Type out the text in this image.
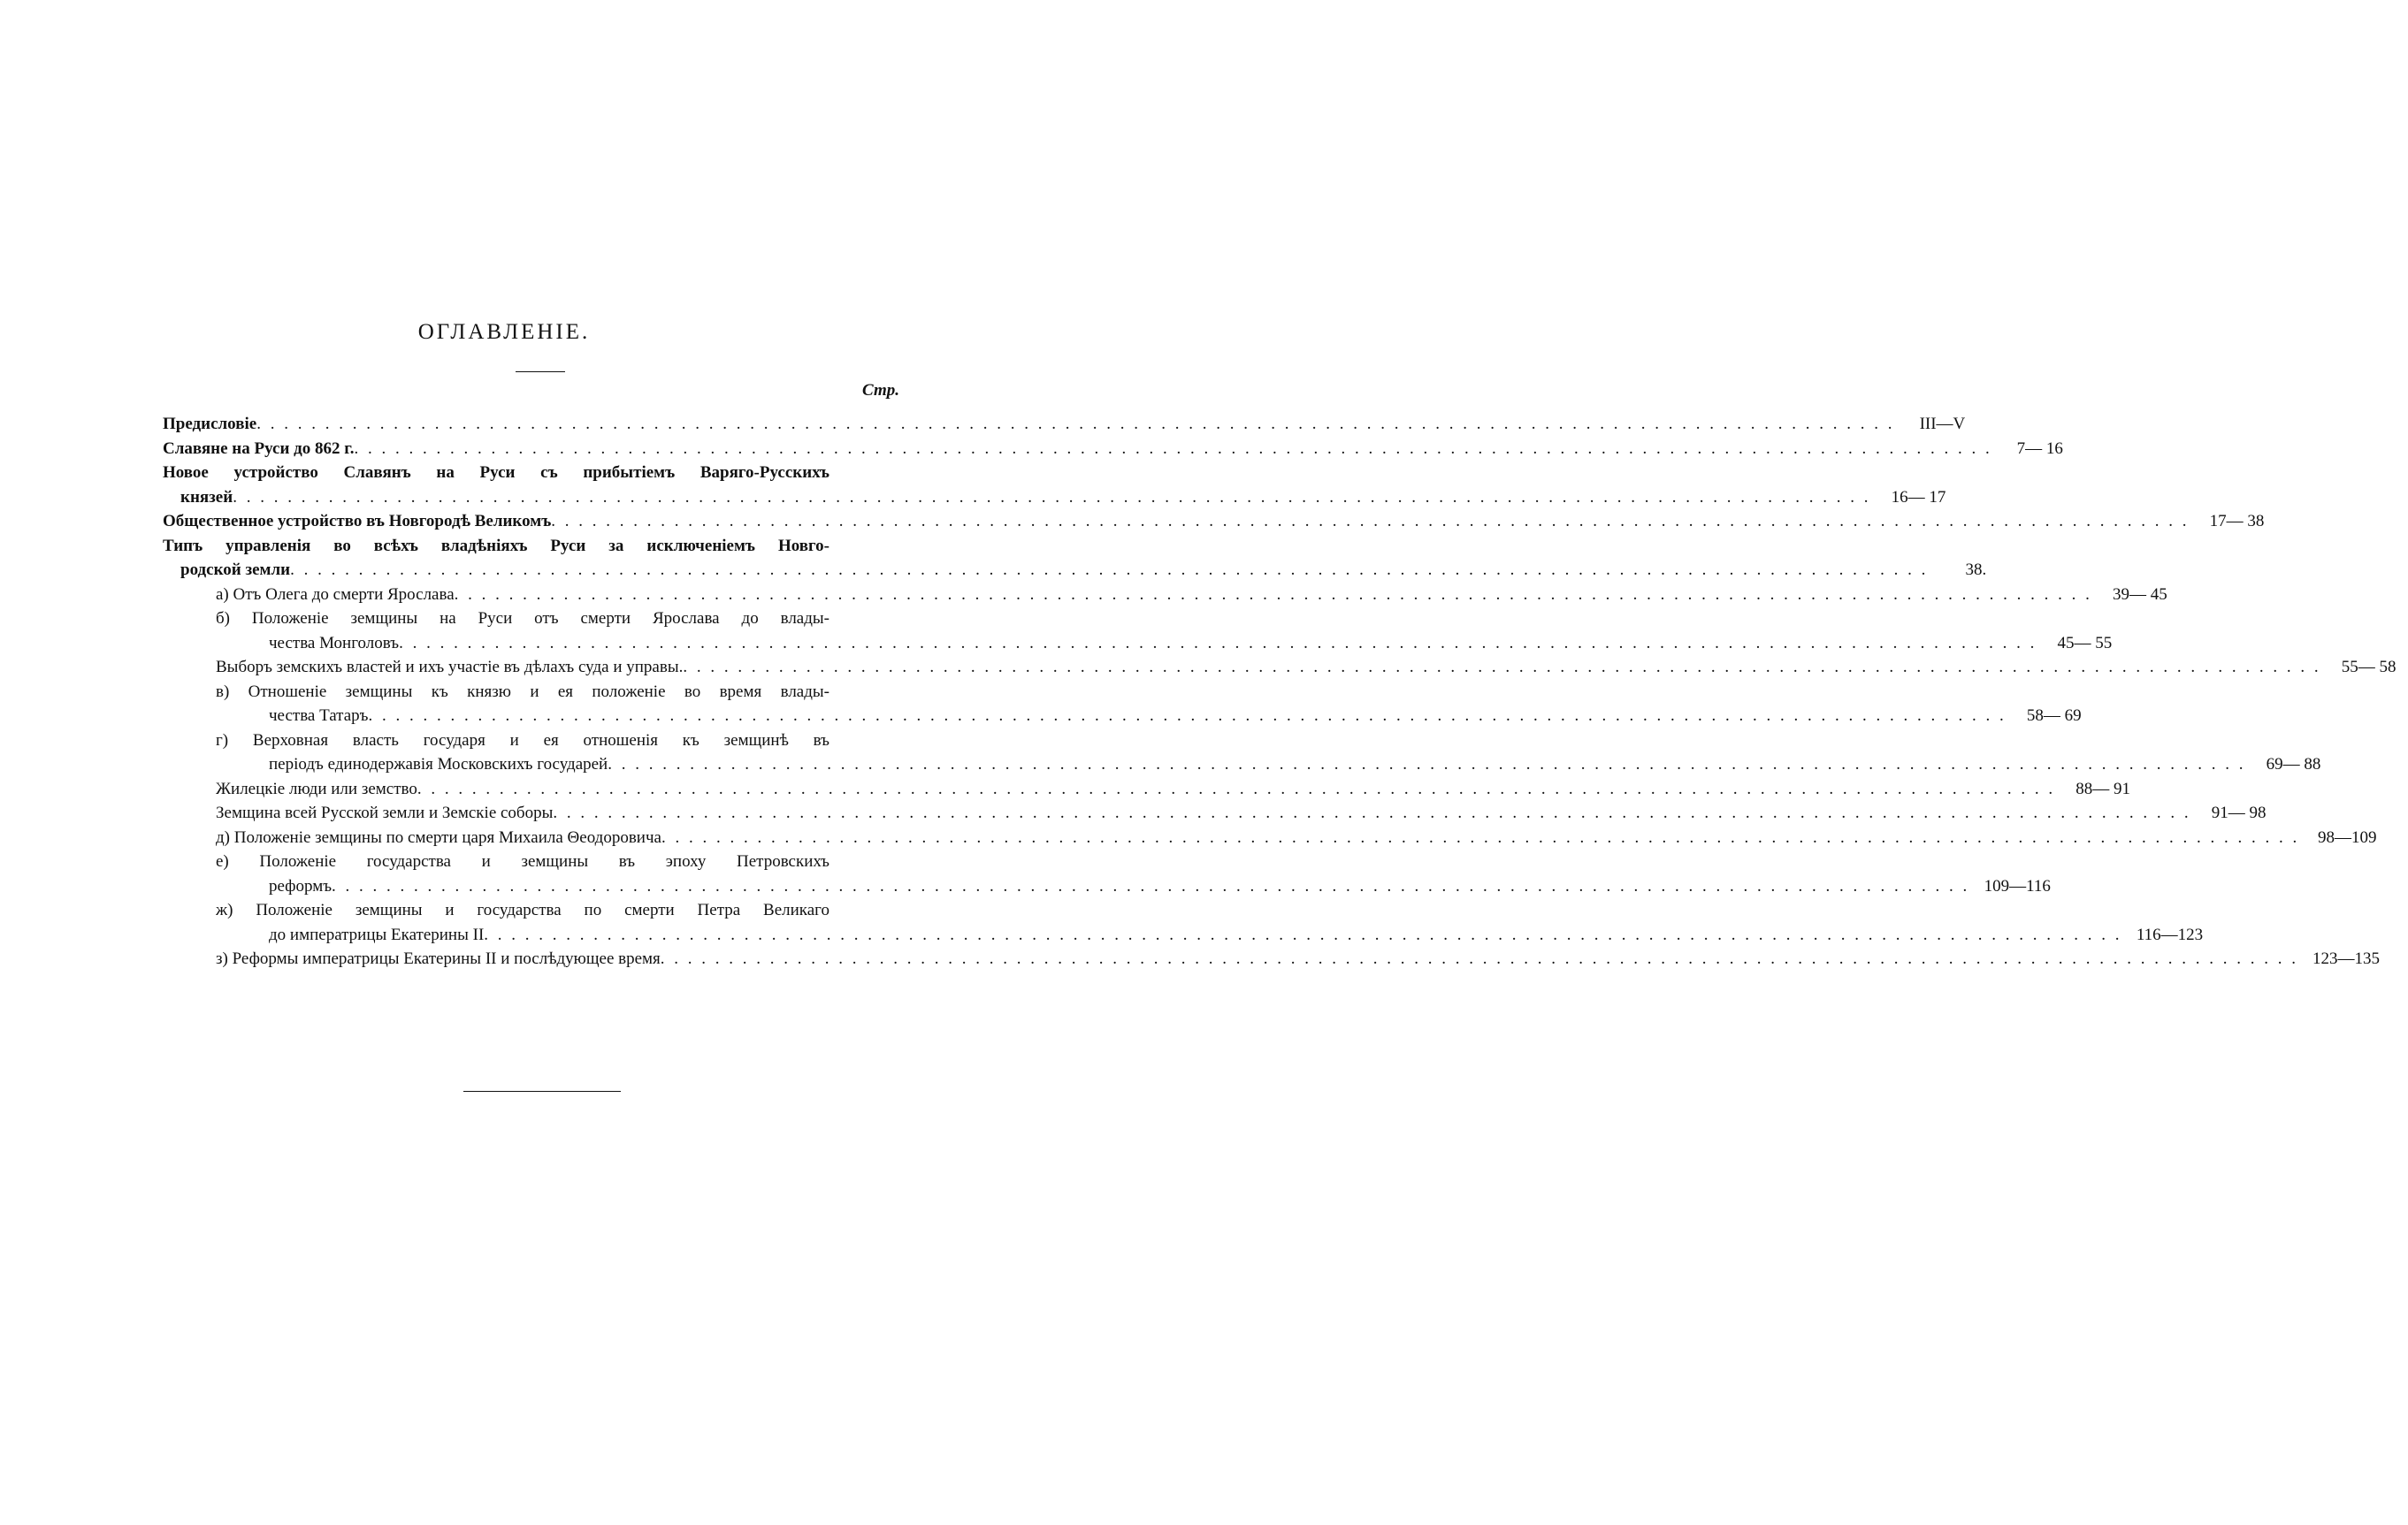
ОГЛАВЛЕНІЕ.
Стр.
Предисловіе . . . . . . . . . . . . . . . . . . . . . . . . . . . . . . . . . . . . . . . . . . . . . . . . . . . . . . . . . . . . . . . . . . . . . . . . . . . . . . . . . . . . . . . . . . . . . . . . . . . . . . . . . . . . . . . . . . . . . . . .	III—V
Славяне на Руси до 862 г. . . . . . . . . . . . . . . . . . . . . . . . . . . . . . . . . . . . . . . . . . . . . . . . . . . . . . . . . . . . . . . . . . . . . . . . . . . . . . . . . . . . . . . . . . . . . . . . . . . . . . . . . . . . . . . . . . . . . . . . .	7— 16
Новое устройство Славянъ на Руси съ прибытіемъ Варяго-Русскихъ
князей . . . . . . . . . . . . . . . . . . . . . . . . . . . . . . . . . . . . . . . . . . . . . . . . . . . . . . . . . . . . . . . . . . . . . . . . . . . . . . . . . . . . . . . . . . . . . . . . . . . . . . . . . . . . . . . . . . . . . . . .	16— 17
Общественное устройство въ Новгородѣ Великомъ . . . . . . . . . . . . . . . . . . . . . . . . . . . . . . . . . . . . . . . . . . . . . . . . . . . . . . . . . . . . . . . . . . . . . . . . . . . . . . . . . . . . . . . . . . . . . . . . . . . . . . . . . . . . . . . . . . . . . . . .	17— 38
Типъ управленія во всѣхъ владѣніяхъ Руси за исключеніемъ Новго-
родской земли . . . . . . . . . . . . . . . . . . . . . . . . . . . . . . . . . . . . . . . . . . . . . . . . . . . . . . . . . . . . . . . . . . . . . . . . . . . . . . . . . . . . . . . . . . . . . . . . . . . . . . . . . . . . . . . . . . . . . . . .	38.
а) Отъ Олега до смерти Ярослава . . . . . . . . . . . . . . . . . . . . . . . . . . . . . . . . . . . . . . . . . . . . . . . . . . . . . . . . . . . . . . . . . . . . . . . . . . . . . . . . . . . . . . . . . . . . . . . . . . . . . . . . . . . . . . . . . . . . . . . .	39— 45
б) Положеніе земщины на Руси отъ смерти Ярослава до влады-
чества Монголовъ . . . . . . . . . . . . . . . . . . . . . . . . . . . . . . . . . . . . . . . . . . . . . . . . . . . . . . . . . . . . . . . . . . . . . . . . . . . . . . . . . . . . . . . . . . . . . . . . . . . . . . . . . . . . . . . . . . . . . . . .	45— 55
Выборъ земскихъ властей и ихъ участіе въ дѣлахъ суда и управы. . . . . . . . . . . . . . . . . . . . . . . . . . . . . . . . . . . . . . . . . . . . . . . . . . . . . . . . . . . . . . . . . . . . . . . . . . . . . . . . . . . . . . . . . . . . . . . . . . . . . . . . . . . . . . . . . . . . . . . . .	55— 58
в) Отношеніе земщины къ князю и ея положеніе во время влады-
чества Татаръ . . . . . . . . . . . . . . . . . . . . . . . . . . . . . . . . . . . . . . . . . . . . . . . . . . . . . . . . . . . . . . . . . . . . . . . . . . . . . . . . . . . . . . . . . . . . . . . . . . . . . . . . . . . . . . . . . . . . . . . .	58— 69
г) Верховная власть государя и ея отношенія къ земщинѣ въ
періодъ единодержавія Московскихъ государей . . . . . . . . . . . . . . . . . . . . . . . . . . . . . . . . . . . . . . . . . . . . . . . . . . . . . . . . . . . . . . . . . . . . . . . . . . . . . . . . . . . . . . . . . . . . . . . . . . . . . . . . . . . . . . . . . . . . . . . .	69— 88
Жилецкіе люди или земство . . . . . . . . . . . . . . . . . . . . . . . . . . . . . . . . . . . . . . . . . . . . . . . . . . . . . . . . . . . . . . . . . . . . . . . . . . . . . . . . . . . . . . . . . . . . . . . . . . . . . . . . . . . . . . . . . . . . . . . .	88— 91
Земщина всей Русской земли и Земскіе соборы . . . . . . . . . . . . . . . . . . . . . . . . . . . . . . . . . . . . . . . . . . . . . . . . . . . . . . . . . . . . . . . . . . . . . . . . . . . . . . . . . . . . . . . . . . . . . . . . . . . . . . . . . . . . . . . . . . . . . . . .	91— 98
д) Положеніе земщины по смерти царя Михаила Θеодоровича . . . . . . . . . . . . . . . . . . . . . . . . . . . . . . . . . . . . . . . . . . . . . . . . . . . . . . . . . . . . . . . . . . . . . . . . . . . . . . . . . . . . . . . . . . . . . . . . . . . . . . . . . . . . . . . . . . . . . . . .	98—109
е) Положеніе государства и земщины въ эпоху Петровскихъ
реформъ . . . . . . . . . . . . . . . . . . . . . . . . . . . . . . . . . . . . . . . . . . . . . . . . . . . . . . . . . . . . . . . . . . . . . . . . . . . . . . . . . . . . . . . . . . . . . . . . . . . . . . . . . . . . . . . . . . . . . . . . 109—116
ж) Положеніе земщины и государства по смерти Петра Великаго
до императрицы Екатерины II . . . . . . . . . . . . . . . . . . . . . . . . . . . . . . . . . . . . . . . . . . . . . . . . . . . . . . . . . . . . . . . . . . . . . . . . . . . . . . . . . . . . . . . . . . . . . . . . . . . . . . . . . . . . . . . . . . . . . . . . 116—123
з) Реформы императрицы Екатерины II и послѣдующее время . . . . . . . . . . . . . . . . . . . . . . . . . . . . . . . . . . . . . . . . . . . . . . . . . . . . . . . . . . . . . . . . . . . . . . . . . . . . . . . . . . . . . . . . . . . . . . . . . . . . . . . . . . . . . . . . . . . . . . . . 123—135
